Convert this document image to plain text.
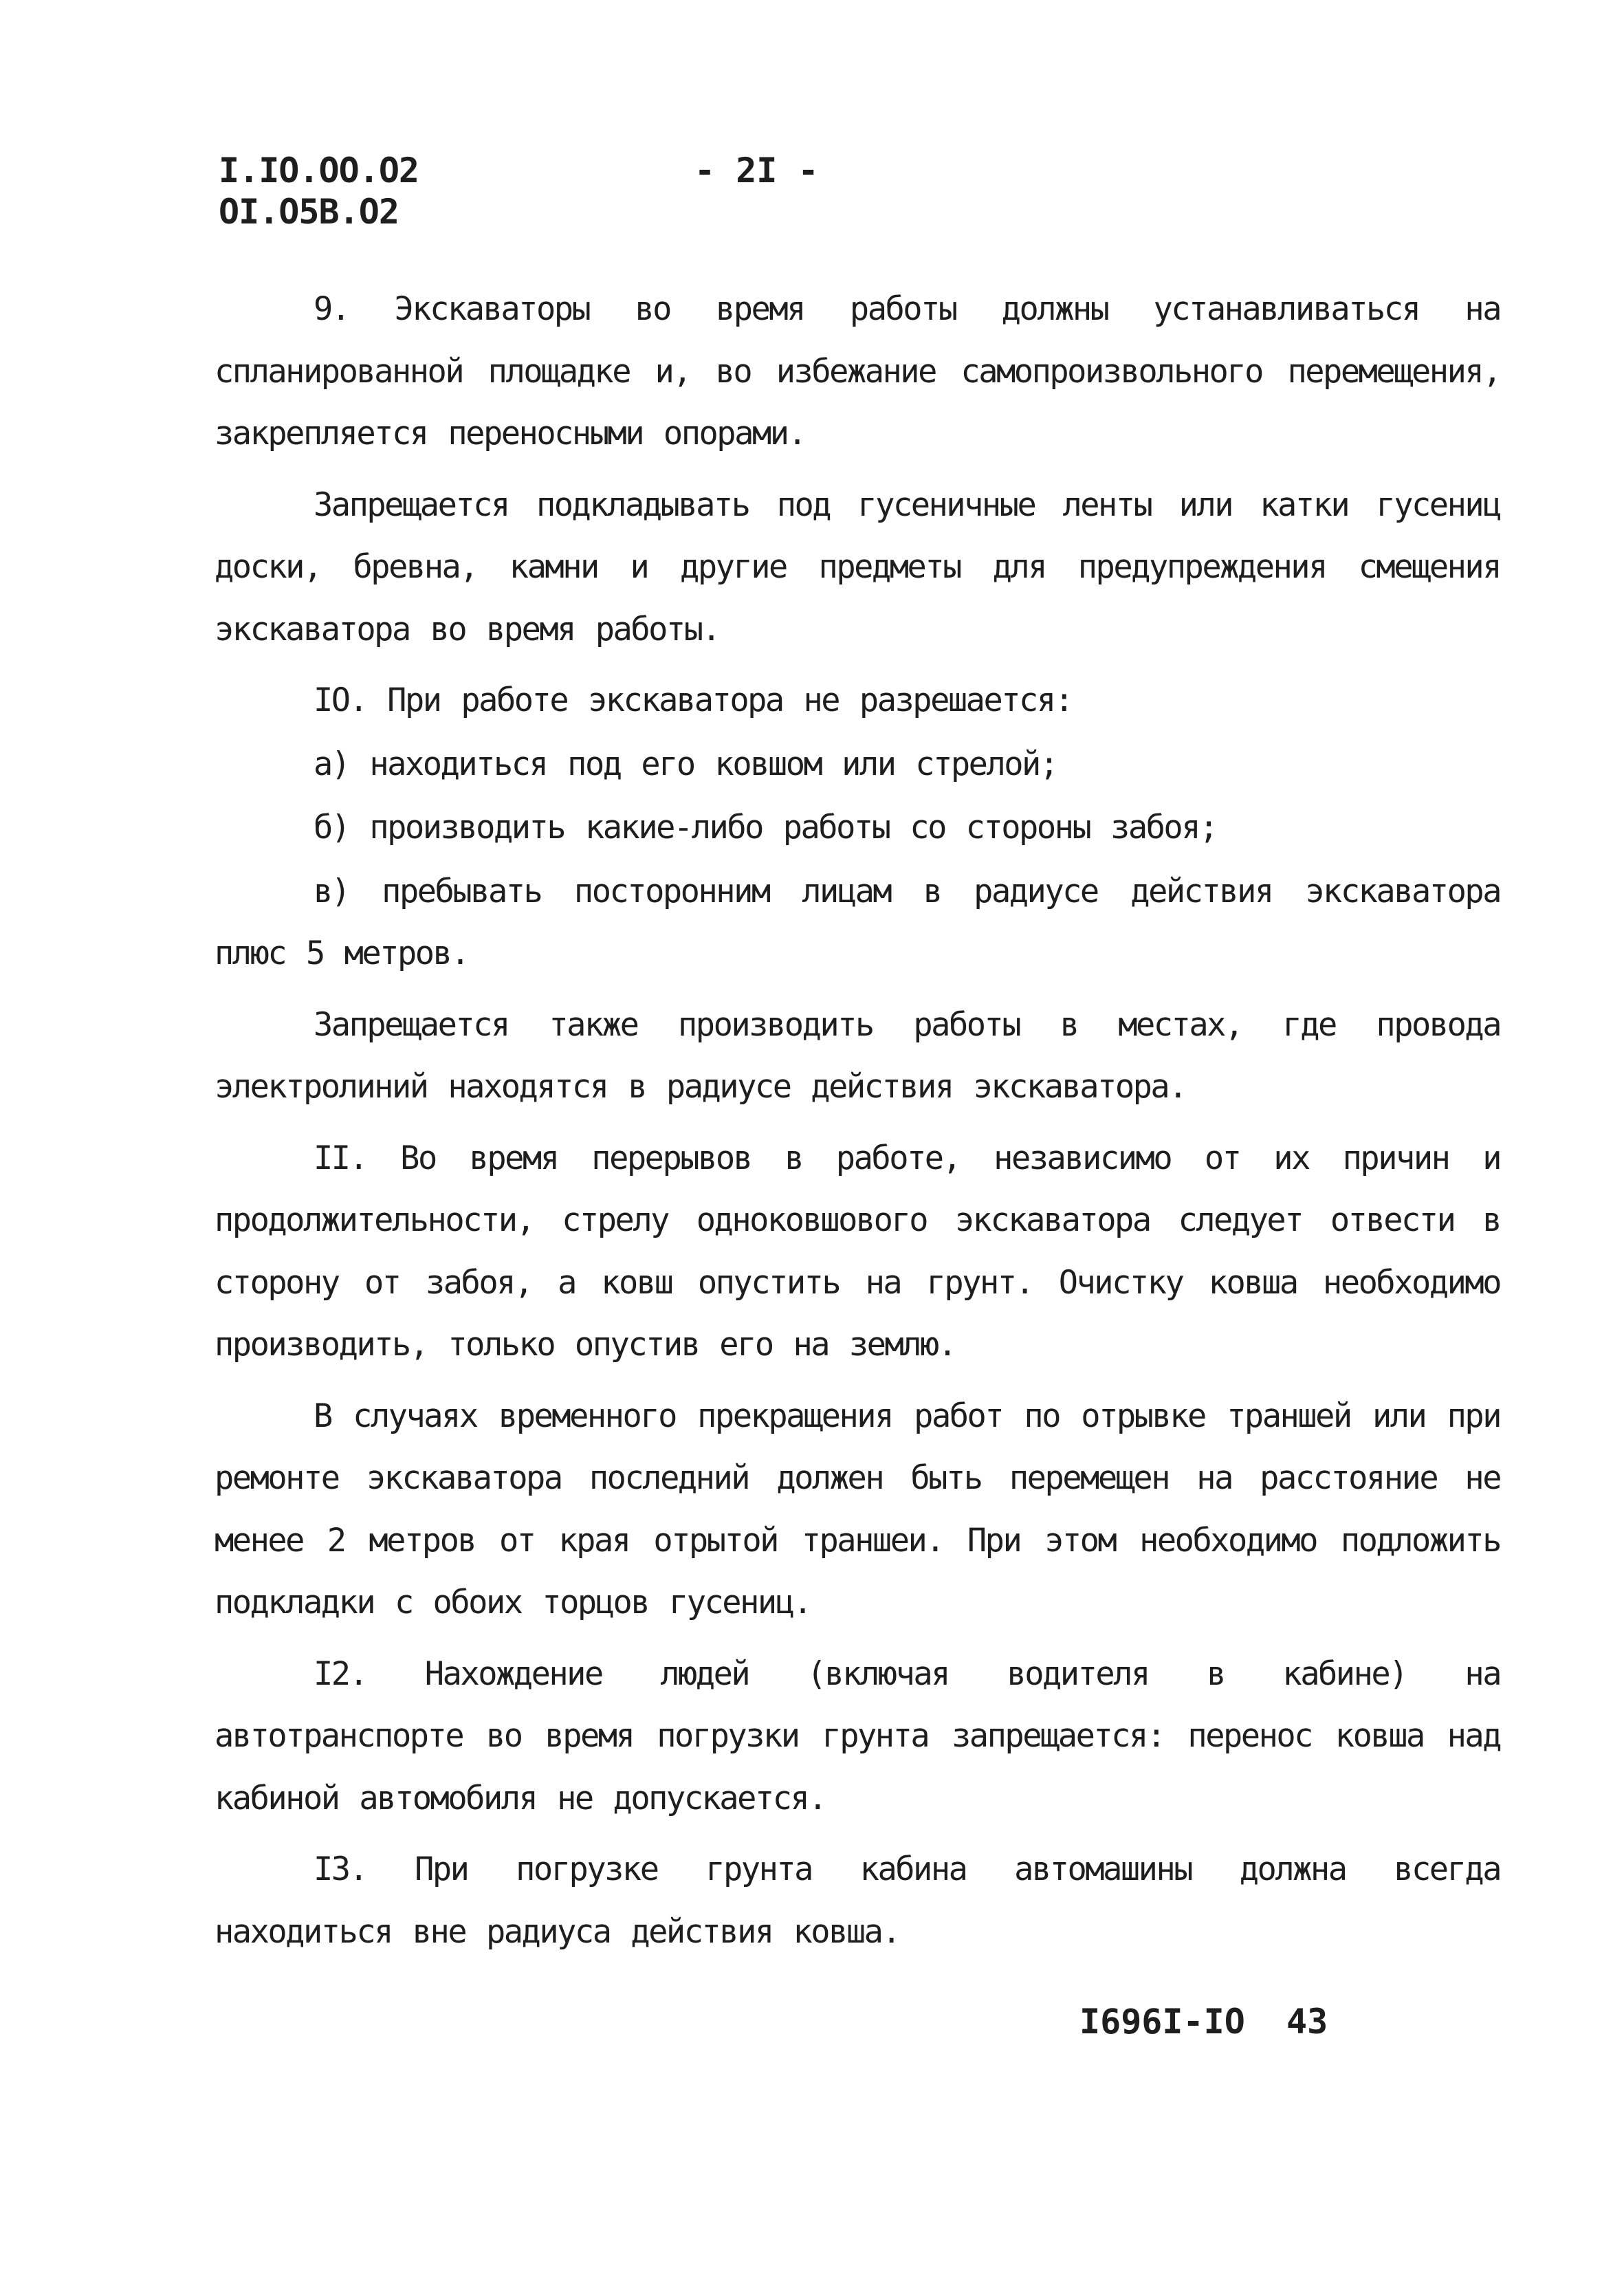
I.IO.OO.O2
OI.O5B.O2
- 2I -

9. Экскаваторы во время работы должны устанавливаться на спланированной площадке и, во избежание самопроизвольного перемещения, закрепляется переносными опорами.

Запрещается подкладывать под гусеничные ленты или катки гусениц доски, бревна, камни и другие предметы для предупреждения смещения экскаватора во время работы.

IO. При работе экскаватора не разрешается:

а) находиться под его ковшом или стрелой;

б) производить какие-либо работы со стороны забоя;

в) пребывать посторонним лицам в радиусе действия экскаватора плюс 5 метров.

Запрещается также производить работы в местах, где провода электролиний находятся в радиусе действия экскаватора.

II. Во время перерывов в работе, независимо от их причин и продолжительности, стрелу одноковшового экскаватора следует отвести в сторону от забоя, а ковш опустить на грунт. Очистку ковша необходимо производить, только опустив его на землю.

В случаях временного прекращения работ по отрывке траншей или при ремонте экскаватора последний должен быть перемещен на расстояние не менее 2 метров от края отрытой траншеи. При этом необходимо подложить подкладки с обоих торцов гусениц.

I2. Нахождение людей (включая водителя в кабине) на автотранспорте во время погрузки грунта запрещается: перенос ковша над кабиной автомобиля не допускается.

I3. При погрузке грунта кабина автомашины должна всегда находиться вне радиуса действия ковша.

I696I-IO  43
